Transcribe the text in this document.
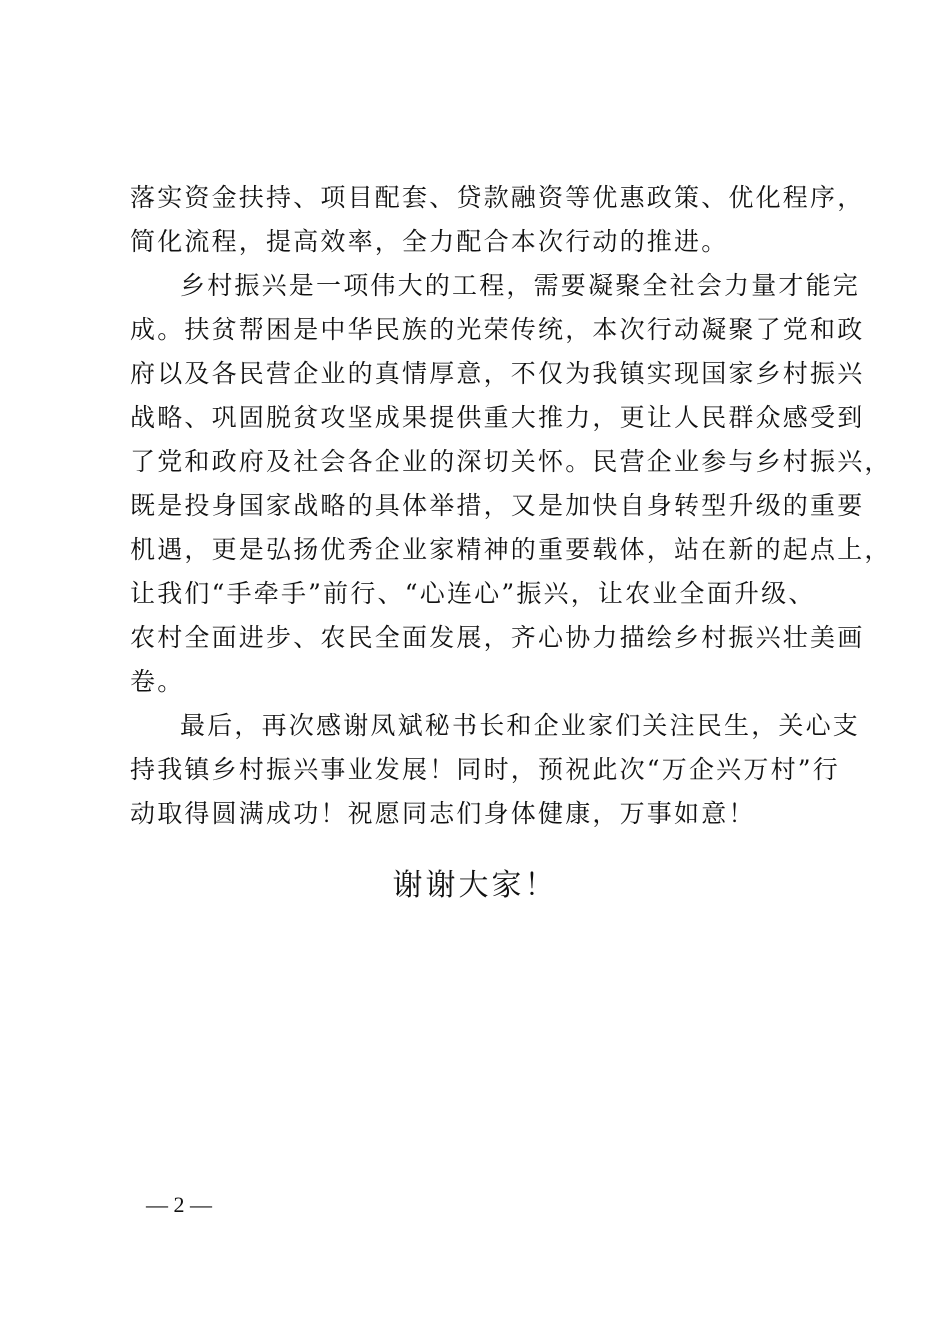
落实资金扶持、项目配套、贷款融资等优惠政策、优化程序，
简化流程，提高效率，全力配合本次行动的推进。
乡村振兴是一项伟大的工程，需要凝聚全社会力量才能完
成。扶贫帮困是中华民族的光荣传统，本次行动凝聚了党和政
府以及各民营企业的真情厚意，不仅为我镇实现国家乡村振兴
战略、巩固脱贫攻坚成果提供重大推力，更让人民群众感受到
了党和政府及社会各企业的深切关怀。民营企业参与乡村振兴，
既是投身国家战略的具体举措，又是加快自身转型升级的重要
机遇，更是弘扬优秀企业家精神的重要载体，站在新的起点上，
让我们“手牵手”前行、“心连心”振兴，让农业全面升级、
农村全面进步、农民全面发展，齐心协力描绘乡村振兴壮美画
卷。
最后，再次感谢凤斌秘书长和企业家们关注民生，关心支
持我镇乡村振兴事业发展！同时，预祝此次“万企兴万村”行
动取得圆满成功！祝愿同志们身体健康，万事如意！
谢谢大家！
— 2 —
